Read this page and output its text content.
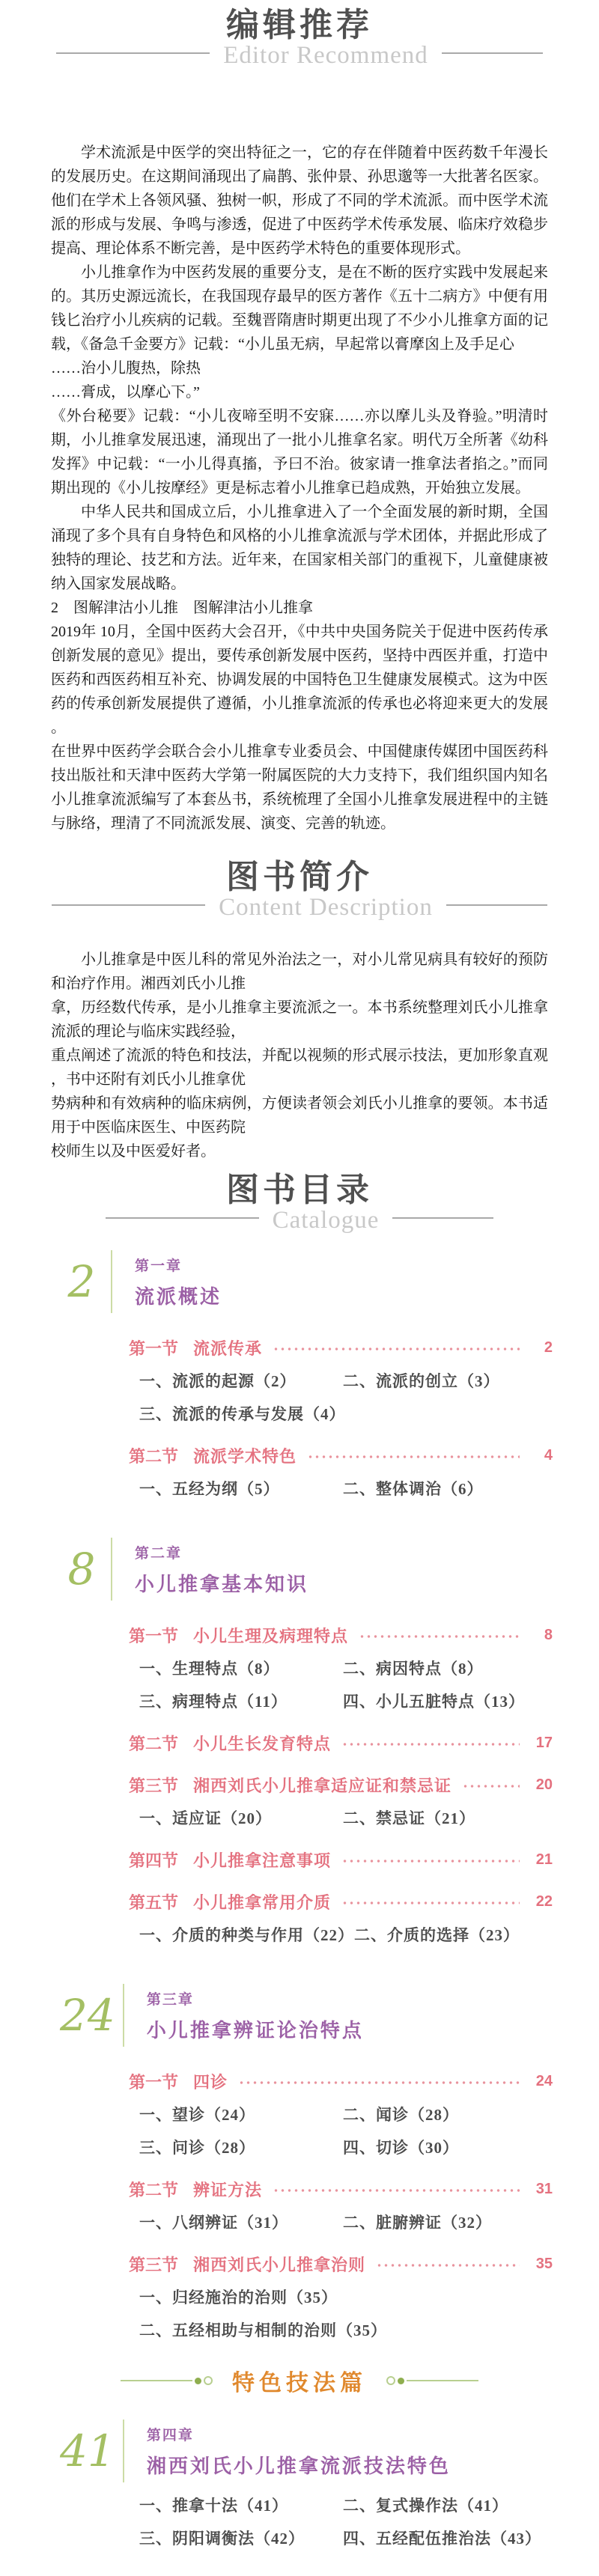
编辑推荐
Editor Recommend
学术流派是中医学的突出特征之一，它的存在伴随着中医药数千年漫长的发展历史。在这期间涌现出了扁鹊、张仲景、孙思邈等一大批著名医家。他们在学术上各领风骚、独树一帜，形成了不同的学术流派。而中医学术流派的形成与发展、争鸣与渗透，促进了中医药学术传承发展、临床疗效稳步提高、理论体系不断完善，是中医药学术特色的重要体现形式。
小儿推拿作为中医药发展的重要分支，是在不断的医疗实践中发展起来的。其历史源远流长，在我国现存最早的医方著作《五十二病方》中便有用钱匕治疗小儿疾病的记载。至魏晋隋唐时期更出现了不少小儿推拿方面的记载，《备急千金要方》记载：“小儿虽无病，早起常以膏摩囟上及手足心
……治小儿腹热，除热
……膏成，以摩心下。”
《外台秘要》记载：“小儿夜啼至明不安寐……亦以摩儿头及脊验。”明清时期，小儿推拿发展迅速，涌现出了一批小儿推拿名家。明代万全所著《幼科发挥》中记载：“一小儿得真搐，予曰不治。彼家请一推拿法者掐之。”而同期出现的《小儿按摩经》更是标志着小儿推拿已趋成熟，开始独立发展。
中华人民共和国成立后，小儿推拿进入了一个全面发展的新时期，全国涌现了多个具有自身特色和风格的小儿推拿流派与学术团体，并据此形成了独特的理论、技艺和方法。近年来，在国家相关部门的重视下，儿童健康被纳入国家发展战略。
2　图解津沽小儿推　图解津沽小儿推拿
2019年 10月，全国中医药大会召开，《中共中央国务院关于促进中医药传承创新发展的意见》提出，要传承创新发展中医药，坚持中西医并重，打造中医药和西医药相互补充、协调发展的中国特色卫生健康发展模式。这为中医药的传承创新发展提供了遵循，小儿推拿流派的传承也必将迎来更大的发展。
在世界中医药学会联合会小儿推拿专业委员会、中国健康传媒团中国医药科技出版社和天津中医药大学第一附属医院的大力支持下，我们组织国内知名小儿推拿流派编写了本套丛书，系统梳理了全国小儿推拿发展进程中的主链与脉络，理清了不同流派发展、演变、完善的轨迹。
图书简介
Content Description
小儿推拿是中医儿科的常见外治法之一，对小儿常见病具有较好的预防和治疗作用。湘西刘氏小儿推
拿，历经数代传承，是小儿推拿主要流派之一。本书系统整理刘氏小儿推拿流派的理论与临床实践经验，
重点阐述了流派的特色和技法，并配以视频的形式展示技法，更加形象直观，书中还附有刘氏小儿推拿优
势病种和有效病种的临床病例，方便读者领会刘氏小儿推拿的要领。本书适用于中医临床医生、中医药院
校师生以及中医爱好者。
图书目录
Catalogue
2	第一章
流派概述
第一节 流派传承	2
一、流派的起源（2）	二、流派的创立（3）
三、流派的传承与发展（4）
第二节 流派学术特色	4
一、五经为纲（5）	二、整体调治（6）
8	第二章
小儿推拿基本知识
第一节 小儿生理及病理特点	8
一、生理特点（8）	二、病因特点（8）
三、病理特点（11）	四、小儿五脏特点（13）
第二节 小儿生长发育特点	17
第三节 湘西刘氏小儿推拿适应证和禁忌证	20
一、适应证（20）	二、禁忌证（21）
第四节 小儿推拿注意事项	21
第五节 小儿推拿常用介质	22
一、介质的种类与作用（22） 二、介质的选择（23）
24 第三章
小儿推拿辨证论治特点
第一节 四诊	24
一、望诊（24）	二、闻诊（28）
三、问诊（28）	四、切诊（30）
第二节 辨证方法	31
一、八纲辨证（31）	二、脏腑辨证（32）
第三节 湘西刘氏小儿推拿治则	35
一、归经施治的治则（35）
二、五经相助与相制的治则（35）
特色技法篇
41 第四章
湘西刘氏小儿推拿流派技法特色
一、推拿十法（41）	二、复式操作法（41）
三、阴阳调衡法（42）	四、五经配伍推治法（43）
